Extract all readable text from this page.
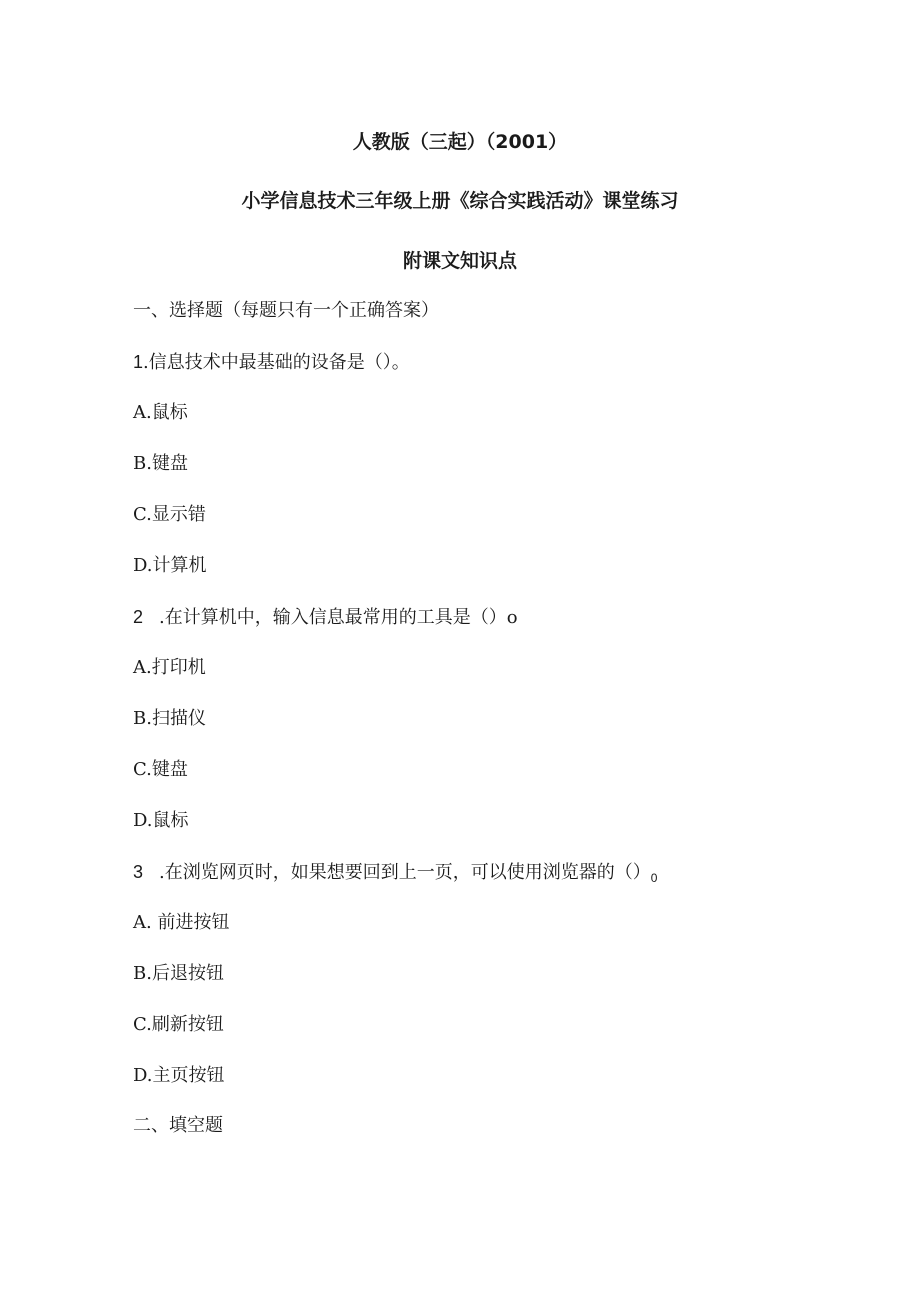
人教版（三起）（2001）
小学信息技术三年级上册《综合实践活动》课堂练习
附课文知识点
一、选择题（每题只有一个正确答案）
1.信息技术中最基础的设备是（）。
A.鼠标
B.键盘
C.显示错
D.计算机
2 .在计算机中，输入信息最常用的工具是（）o
A.打印机
B.扫描仪
C.键盘
D.鼠标
3 .在浏览网页时，如果想要回到上一页，可以使用浏览器的$()_0$
A. 前进按钮
B.后退按钮
C.刷新按钮
D.主页按钮
二、填空题
